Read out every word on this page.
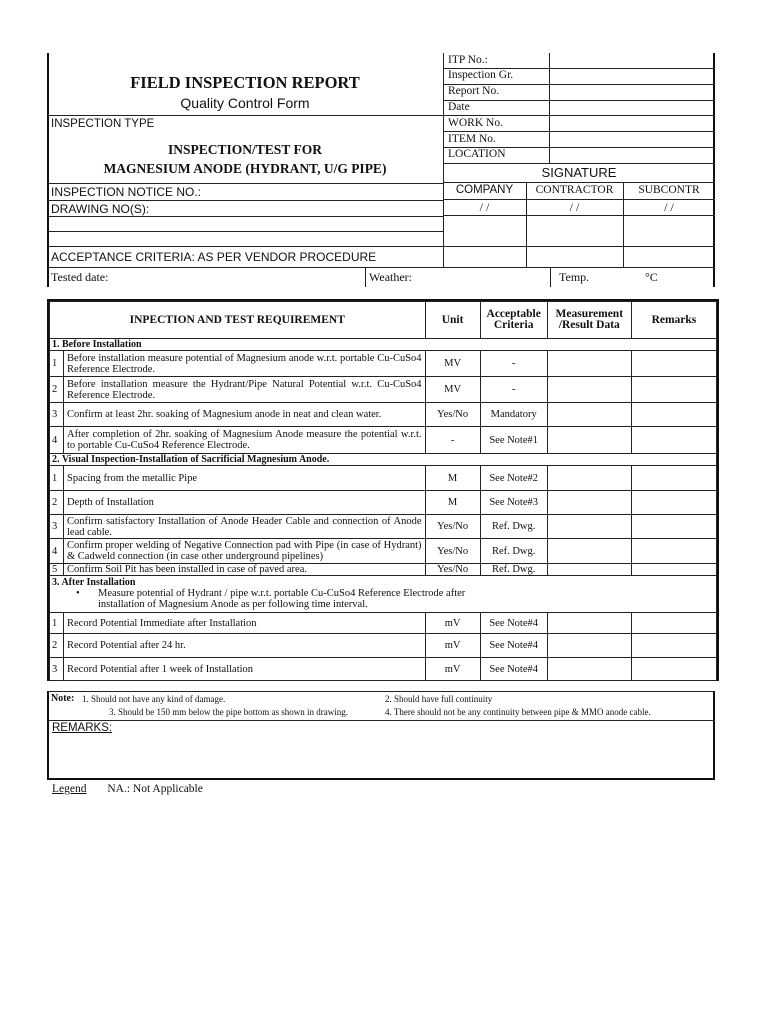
FIELD INSPECTION REPORT
Quality Control Form
INSPECTION TYPE
INSPECTION/TEST FOR
MAGNESIUM ANODE (HYDRANT, U/G PIPE)
INSPECTION NOTICE NO.:
DRAWING NO(S):
ACCEPTANCE CRITERIA: AS PER VENDOR PROCEDURE
Tested date:	Weather:	Temp.	°C
ITP No.:
Inspection Gr.
Report No.
Date
WORK No.
ITEM No.
LOCATION
SIGNATURE
COMPANY	CONTRACTOR	SUBCONTR
/ /	/ /	/ /
INPECTION AND TEST REQUIREMENT		Unit	Acceptable Criteria	Measurement /Result Data	Remarks
1. Before Installation					
1	Before installation measure potential of Magnesium anode w.r.t. portable Cu-CuSo4 Reference Electrode.	MV	-		
2	Before installation measure the Hydrant/Pipe Natural Potential w.r.t. Cu-CuSo4 Reference Electrode.	MV	-		
3	Confirm at least 2hr. soaking of Magnesium anode in neat and clean water.	Yes/No	Mandatory		
4	After completion of 2hr. soaking of Magnesium Anode measure the potential w.r.t. to portable Cu-CuSo4 Reference Electrode.	-	See Note#1		
2. Visual Inspection-Installation of Sacrificial Magnesium Anode.					
1	Spacing from the metallic Pipe	M	See Note#2		
2	Depth of Installation	M	See Note#3		
3	Confirm satisfactory Installation of Anode Header Cable and connection of Anode lead cable.	Yes/No	Ref. Dwg.		
4	Confirm proper welding of Negative Connection pad with Pipe (in case of Hydrant) & Cadweld connection (in case other underground pipelines)	Yes/No	Ref. Dwg.		
5	Confirm Soil Pit has been installed in case of paved area.	Yes/No	Ref. Dwg.		

3. After Installation
• Measure potential of Hydrant / pipe w.r.t. portable Cu-CuSo4 Reference Electrode after installation of Magnesium Anode as per following time interval.					

1	Record Potential Immediate after Installation	mV	See Note#4		
2	Record Potential after 24 hr.	mV	See Note#4		
3	Record Potential after 1 week of Installation	mV	See Note#4		
Note: 1. Should not have any kind of damage.	2. Should have full continuity
3. Should be 150 mm below the pipe bottom as shown in drawing.	4. There should not be any continuity between pipe & MMO anode cable.
REMARKS:
Legend NA.: Not Applicable
